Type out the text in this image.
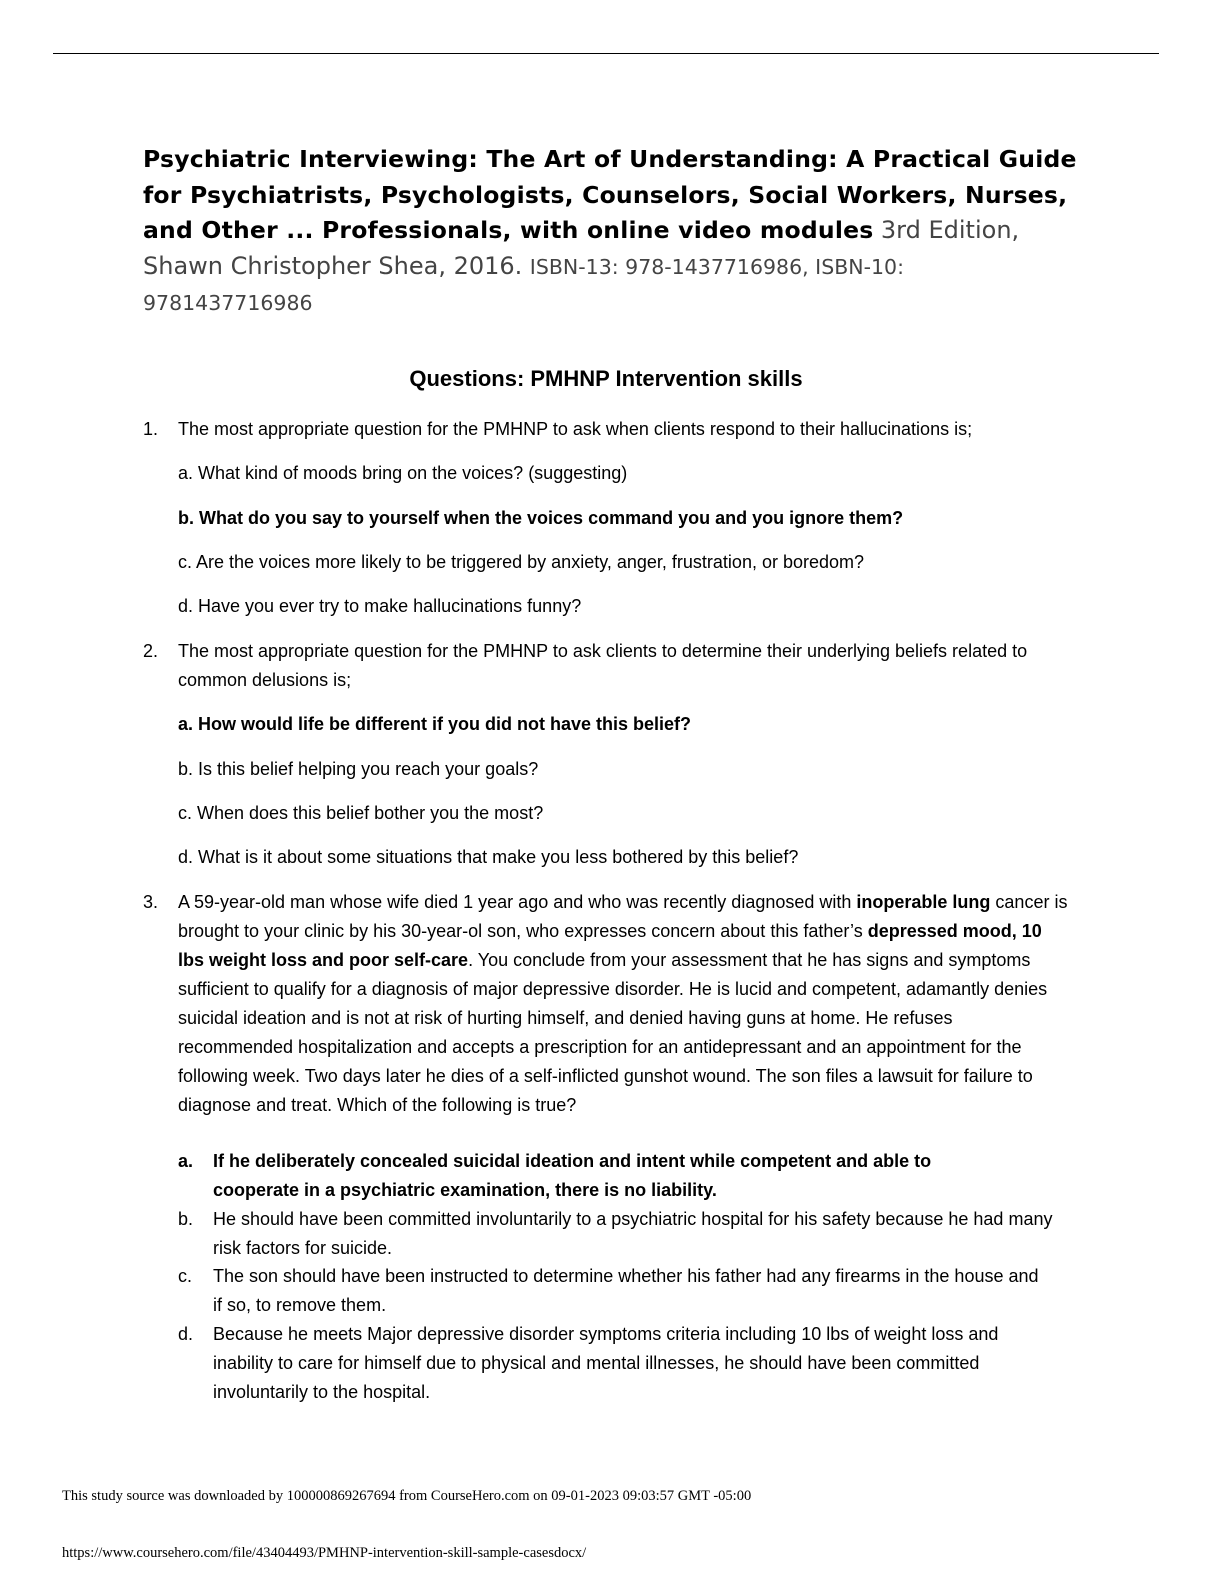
Psychiatric Interviewing: The Art of Understanding: A Practical Guide for Psychiatrists, Psychologists, Counselors, Social Workers, Nurses, and Other ... Professionals, with online video modules 3rd Edition, Shawn Christopher Shea, 2016. ISBN-13: 978-1437716986, ISBN-10: 9781437716986
Questions: PMHNP Intervention skills
1. The most appropriate question for the PMHNP to ask when clients respond to their hallucinations is;
a. What kind of moods bring on the voices? (suggesting)
b. What do you say to yourself when the voices command you and you ignore them?
c. Are the voices more likely to be triggered by anxiety, anger, frustration, or boredom?
d. Have you ever try to make hallucinations funny?
2. The most appropriate question for the PMHNP to ask clients to determine their underlying beliefs related to common delusions is;
a. How would life be different if you did not have this belief?
b. Is this belief helping you reach your goals?
c. When does this belief bother you the most?
d. What is it about some situations that make you less bothered by this belief?
3. A 59-year-old man whose wife died 1 year ago and who was recently diagnosed with inoperable lung cancer is brought to your clinic by his 30-year-ol son, who expresses concern about this father’s depressed mood, 10 lbs weight loss and poor self-care. You conclude from your assessment that he has signs and symptoms sufficient to qualify for a diagnosis of major depressive disorder. He is lucid and competent, adamantly denies suicidal ideation and is not at risk of hurting himself, and denied having guns at home. He refuses recommended hospitalization and accepts a prescription for an antidepressant and an appointment for the following week. Two days later he dies of a self-inflicted gunshot wound. The son files a lawsuit for failure to diagnose and treat. Which of the following is true?
a. If he deliberately concealed suicidal ideation and intent while competent and able to cooperate in a psychiatric examination, there is no liability.
b. He should have been committed involuntarily to a psychiatric hospital for his safety because he had many risk factors for suicide.
c. The son should have been instructed to determine whether his father had any firearms in the house and if so, to remove them.
d. Because he meets Major depressive disorder symptoms criteria including 10 lbs of weight loss and inability to care for himself due to physical and mental illnesses, he should have been committed involuntarily to the hospital.
This study source was downloaded by 100000869267694 from CourseHero.com on 09-01-2023 09:03:57 GMT -05:00
https://www.coursehero.com/file/43404493/PMHNP-intervention-skill-sample-casesdocx/
